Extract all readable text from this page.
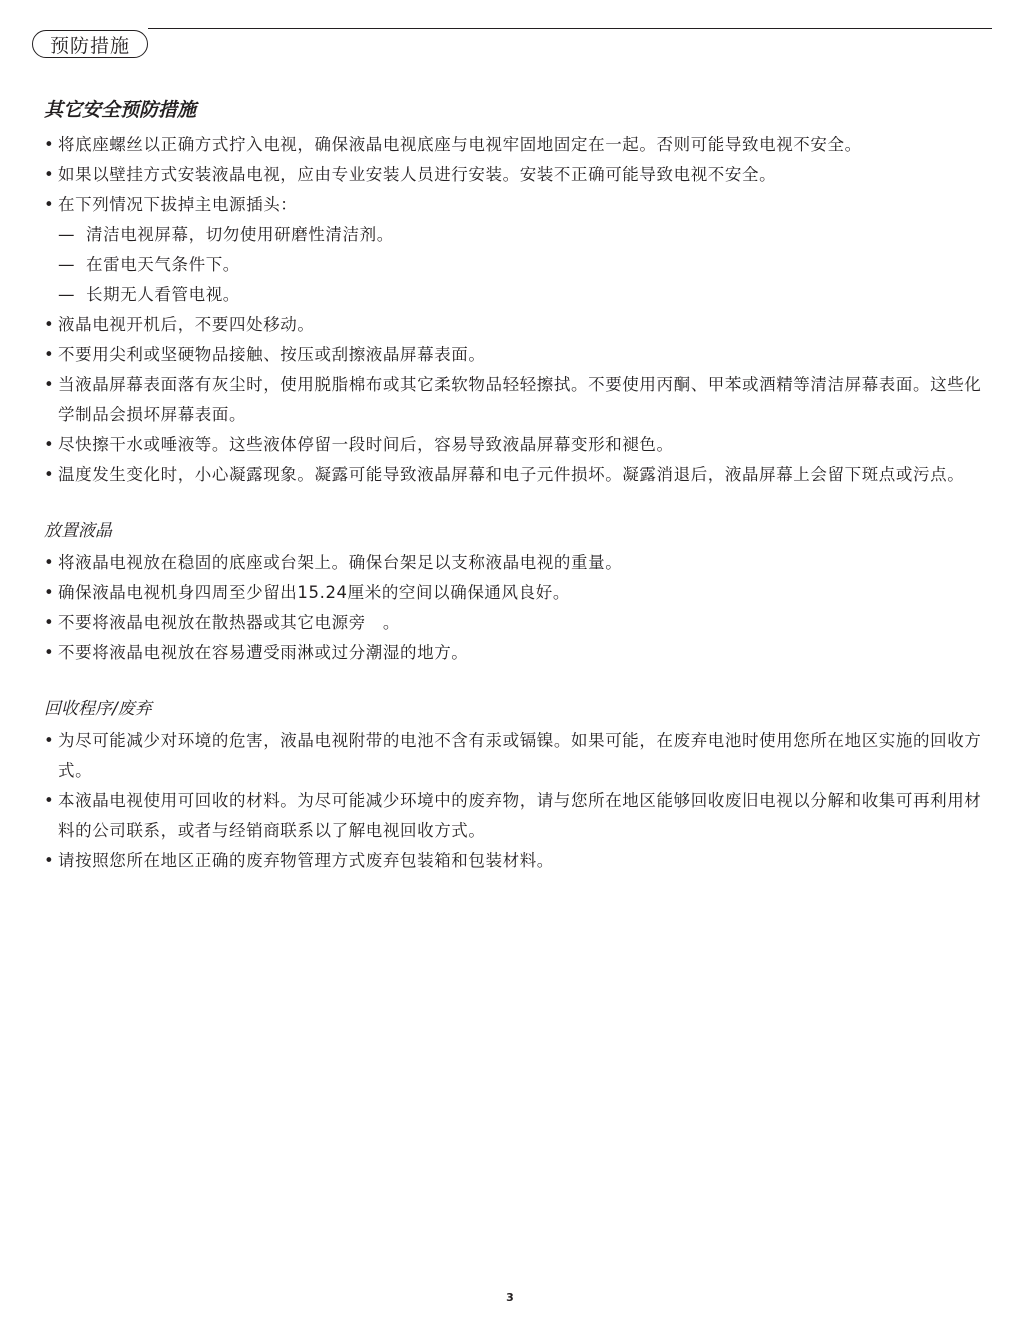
预防措施
其它安全预防措施
• 将底座螺丝以正确方式拧入电视，确保液晶电视底座与电视牢固地固定在一起。否则可能导致电视不安全。
• 如果以壁挂方式安装液晶电视，应由专业安装人员进行安装。安装不正确可能导致电视不安全。
• 在下列情况下拔掉主电源插头：
— 清洁电视屏幕，切勿使用研磨性清洁剂。
— 在雷电天气条件下。
— 长期无人看管电视。
• 液晶电视开机后，不要四处移动。
• 不要用尖利或坚硬物品接触、按压或刮擦液晶屏幕表面。
• 当液晶屏幕表面落有灰尘时，使用脱脂棉布或其它柔软物品轻轻擦拭。不要使用丙酮、甲苯或酒精等清洁屏幕表面。这些化学制品会损坏屏幕表面。
• 尽快擦干水或唾液等。这些液体停留一段时间后，容易导致液晶屏幕变形和褪色。
• 温度发生变化时，小心凝露现象。凝露可能导致液晶屏幕和电子元件损坏。凝露消退后，液晶屏幕上会留下斑点或污点。
放置液晶
• 将液晶电视放在稳固的底座或台架上。确保台架足以支称液晶电视的重量。
• 确保液晶电视机身四周至少留出15.24厘米的空间以确保通风良好。
• 不要将液晶电视放在散热器或其它电源旁　。
• 不要将液晶电视放在容易遭受雨淋或过分潮湿的地方。
回收程序/废弃
• 为尽可能减少对环境的危害，液晶电视附带的电池不含有汞或镉镍。如果可能，在废弃电池时使用您所在地区实施的回收方式。
• 本液晶电视使用可回收的材料。为尽可能减少环境中的废弃物，请与您所在地区能够回收废旧电视以分解和收集可再利用材料的公司联系，或者与经销商联系以了解电视回收方式。
• 请按照您所在地区正确的废弃物管理方式废弃包装箱和包装材料。
3
